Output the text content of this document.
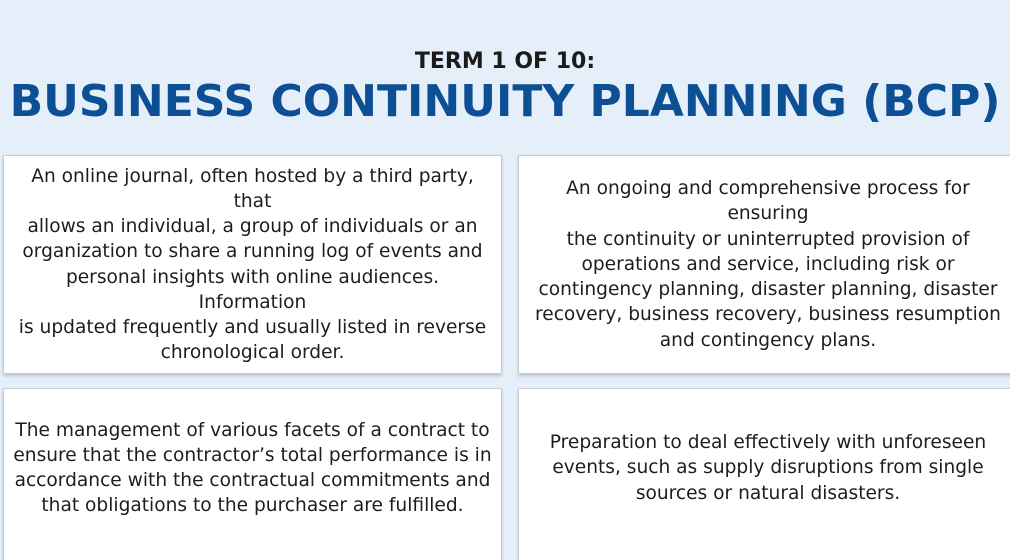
TERM 1 OF 10:
BUSINESS CONTINUITY PLANNING (BCP)
An online journal, often hosted by a third party, that
allows an individual, a group of individuals or an
organization to share a running log of events and
personal insights with online audiences. Information
is updated frequently and usually listed in reverse
chronological order.
An ongoing and comprehensive process for ensuring
the continuity or uninterrupted provision of
operations and service, including risk or
contingency planning, disaster planning, disaster
recovery, business recovery, business resumption
and contingency plans.
The management of various facets of a contract to
ensure that the contractor’s total performance is in
accordance with the contractual commitments and
that obligations to the purchaser are fulfilled.
Preparation to deal effectively with unforeseen
events, such as supply disruptions from single
sources or natural disasters.
